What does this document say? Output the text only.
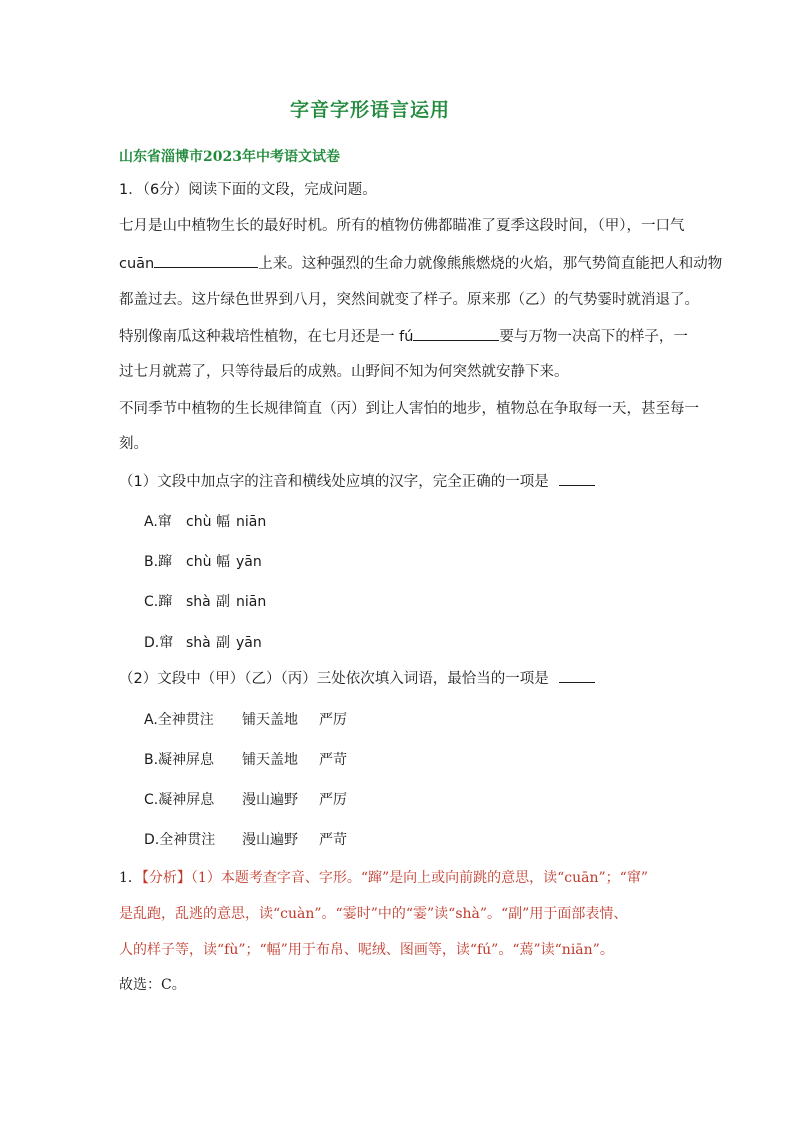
字音字形语言运用
山东省淄博市2023年中考语文试卷
1．（6分）阅读下面的文段，完成问题。
七月是山中植物生长的最好时机。所有的植物仿佛都瞄准了夏季这段时间，（甲），一口气
cuān	上来。这种强烈的生命力就像熊熊燃烧的火焰，那气势简直能把人和动物
都盖过去。这片绿色世界到八月，突然间就变了样子。原来那（乙）的气势霎时就消退了。
特别像南瓜这种栽培性植物，在七月还是一 fú	要与万物一决高下的样子，一
过七月就蔫了，只等待最后的成熟。山野间不知为何突然就安静下来。
不同季节中植物的生长规律简直（丙）到让人害怕的地步，植物总在争取每一天，甚至每一
刻。
（1）文段中加点字的注音和横线处应填的汉字，完全正确的一项是
A.窜 chù 幅 niān
B.蹿 chù 幅 yān
C.蹿 shà 副 niān
D.窜 shà 副 yān
（2）文段中（甲）（乙）（丙）三处依次填入词语，最恰当的一项是
A.全神贯注 铺天盖地 严厉
B.凝神屏息 铺天盖地 严苛
C.凝神屏息 漫山遍野 严厉
D.全神贯注 漫山遍野 严苛
1．【分析】（1）本题考查字音、字形。“蹿”是向上或向前跳的意思，读“cuān”；“窜”
是乱跑，乱逃的意思，读“cuàn”。“霎时”中的“霎”读“shà”。“副”用于面部表情、
人的样子等，读“fù”；“幅”用于布帛、呢绒、图画等，读“fú”。“蔫”读“niān”。
故选：C。
